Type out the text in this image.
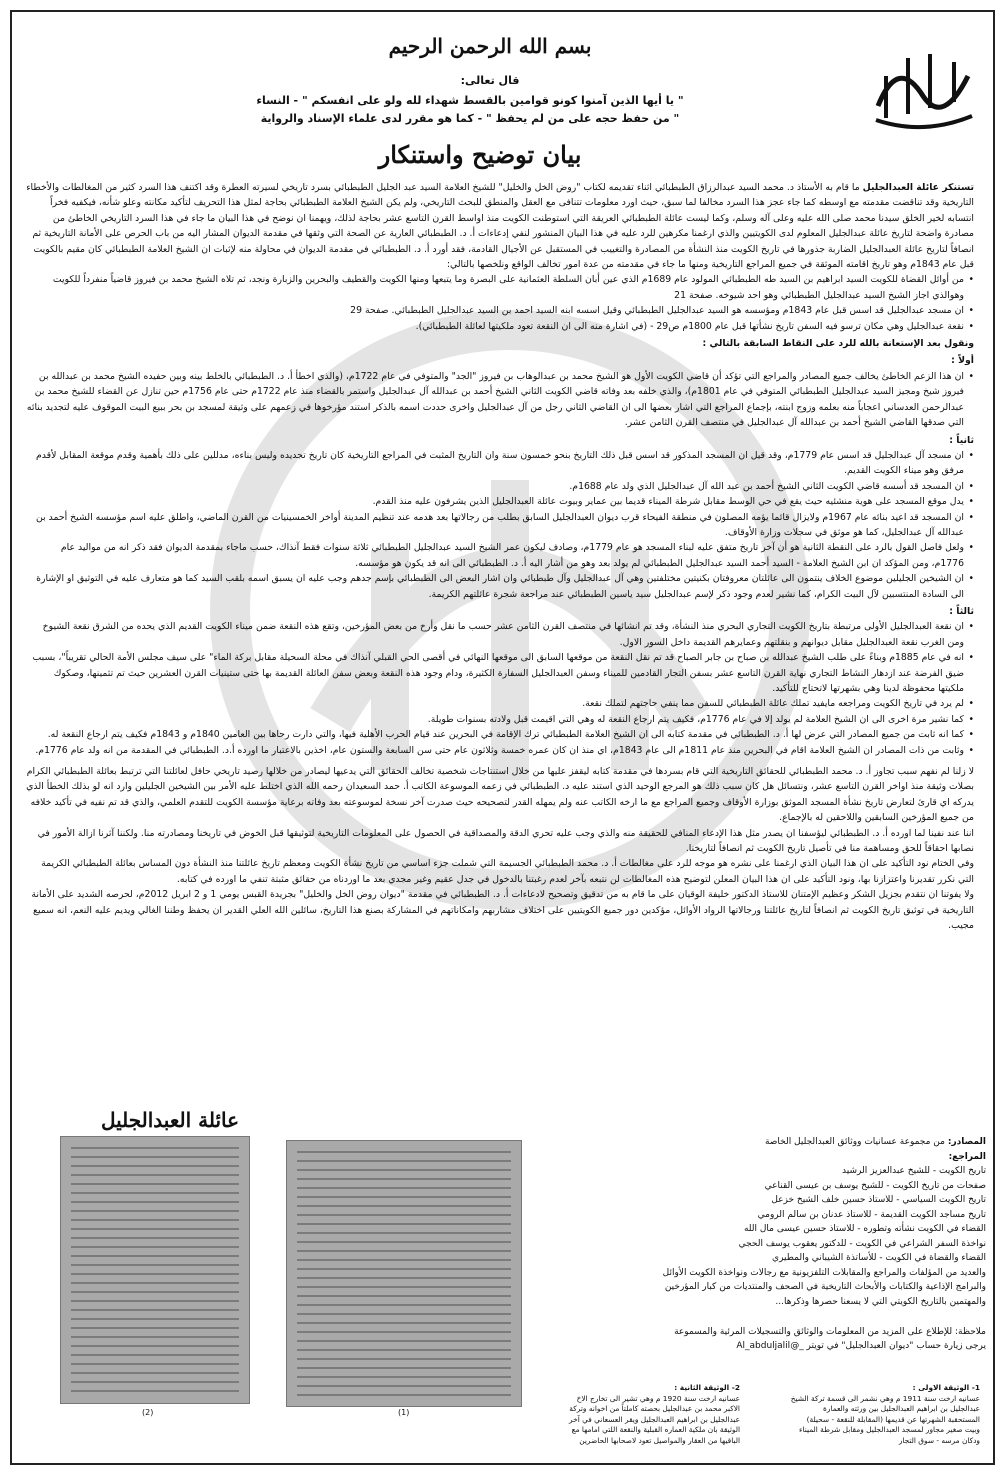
بسم الله الرحمن الرحيم
قال تعالى:
" يا أيها الذين آمنوا كونو قوامين بالقسط شهداء لله ولو على انفسكم " - النساء
" من حفظ حجه على من لم يحفظ " - كما هو مقرر لدى علماء الإسناد والرواية
بيان توضيح واستنكار

تستنكر عائلة العبدالجليل ما قام به الأستاذ د. محمد السيد عبدالرزاق الطبطبائي اثناء تقديمه لكتاب "روض الخل والخليل" للشيخ العلامة السيد عبد الجليل الطبطبائي بسرد تاريخي لسيرته العطرة وقد اكتنف هذا السرد كثير من المغالطات والأخطاء التاريخية وقد تناقضت مقدمته مع اوسطه كما جاء عجز هذا السرد مخالفا لما سبق، حيث اورد معلومات تتنافى مع العقل والمنطق للبحث التاريخي، ولم يكن الشيخ العلامة الطبطبائي بحاجة لمثل هذا التحريف لتأكيد مكانته وعلو شأنه، فيكفيه فخراً انتسابه لخير الخلق سيدنا محمد صلى الله عليه وعلى آله وسلم، وكما ليست عائلة الطبطبائي العريقة التي استوطنت الكويت منذ اواسط القرن التاسع عشر بحاجة لذلك، ويهمنا ان نوضح في هذا البيان ما جاء في هذا السرد التاريخي الخاطئ من مصادرة واضحة لتاريخ عائلة عبدالجليل المعلوم لدى الكويتيين والذي ارغمنا مكرهين للرد عليه في هذا البيان المنشور لنفي إدعاءات أ. د. الطبطبائي العارية عن الصحة التي وثقها في مقدمة الديوان المشار اليه من باب الحرص على الأمانة التاريخية ثم انصافاً لتاريخ عائلة العبدالجليل الضاربة جذورها في تاريخ الكويت منذ النشأة من المصادرة والتغييب في المستقبل عن الأجيال القادمة، فقد أورد أ. د. الطبطبائي في مقدمة الديوان في محاولة منه لإثبات ان الشيخ العلامة الطبطبائي كان مقيم بالكويت قبل عام 1843م وهو تاريخ اقامته الموثقة في جميع المراجع التاريخية ومنها ما جاء في مقدمته من عدة امور تخالف الواقع ونلخصها بالتالي:

• من أوائل القضاة للكويت السيد ابراهيم بن السيد طه الطبطبائي المولود عام 1689م الذي عين أبان السلطة العثمانية على البصرة وما يتبعها ومنها الكويت والقطيف والبحرين والزبارة ونجد، ثم تلاه الشيخ محمد بن فيروز قاضياً منفرداً للكويت وهوالذي اجاز الشيخ السيد عبدالجليل الطبطبائي وهو احد شيوخه. صفحة 21

• ان مسجد عبدالجليل قد اسس قبل عام 1843م ومؤسسه هو السيد عبدالجليل الطبطبائي وقيل اسسه ابنه السيد احمد بن السيد عبدالجليل الطبطبائي. صفحة 29

• نقعة عبدالجليل وهي مكان ترسو فيه السفن تاريخ نشأتها قبل عام 1800م ص29 - (في اشارة منه الى ان النقعة تعود ملكيتها لعائلة الطبطبائي).

ونقول بعد الإستعانة بالله للرد على النقاط السابقة بالتالي :

أولاً :

• ان هذا الزعم الخاطئ يخالف جميع المصادر والمراجع التي تؤكد أن قاضي الكويت الأول هو الشيخ محمد بن عبدالوهاب بن فيروز "الجد" والمتوفي في عام 1722م، (والذي اخطأ أ. د. الطبطبائي بالخلط بينه وبين حفيده الشيخ محمد بن عبدالله بن فيروز شيخ ومجيز السيد عبدالجليل الطبطبائي المتوفي في عام 1801م)، والذي خلفه بعد وفاته قاضي الكويت الثاني الشيخ أحمد بن عبدالله آل عبدالجليل واستمر بالقضاء منذ عام 1722م حتى عام 1756م حين تنازل عن القضاء للشيخ محمد بن عبدالرحمن العدساني اعجاباً منه بعلمه وزوج ابنته، بإجماع المراجع التي اشار بعضها الى ان القاضي الثاني رجل من آل عبدالجليل واخرى حددت اسمه بالذكر استند مؤرخوها في زعمهم على وثيقة لمسجد بن بحر ببيع البيت الموقوف عليه لتجديد بنائه التي صدقها القاضي الشيخ أحمد بن عبدالله آل عبدالجليل في منتصف القرن الثامن عشر.

ثانياً :

• ان مسجد آل عبدالجليل قد اسس عام 1779م، وقد قيل ان المسجد المذكور قد اسس قبل ذلك التاريخ بنحو خمسون سنة وان التاريخ المثبت في المراجع التاريخية كان تاريخ تجديده وليس بناءه، مدللين على ذلك بأهمية وقدم موقعة المقابل لأقدم مرفق وهو ميناء الكويت القديم.

• ان المسجد قد أسسه قاضي الكويت الثاني الشيخ أحمد بن عبد الله آل عبدالجليل الذي ولد عام 1688م.

• يدل موقع المسجد على هوية منشئيه حيث يقع في حي الوسط مقابل شرطة الميناء قديما بين عماير وبيوت عائلة العبدالجليل الذين يشرفون عليه منذ القدم.

• ان المسجد قد اعيد بنائه عام 1967م ولايزال قائما يؤمه المصلون في منطقة الفيحاء قرب ديوان العبدالجليل السابق بطلب من رجالاتها بعد هدمه عند تنظيم المدينة أواخر الخمسينيات من القرن الماضي، واطلق عليه اسم مؤسسه الشيخ أحمد بن عبدالله آل عبدالجليل، كما هو موثق في سجلات وزارة الأوقاف.

• ولعل فاصل القول بالرد على النقطة الثانية هو أن آخر تاريخ متفق عليه لبناء المسجد هو عام 1779م، وصادف ليكون عمر الشيخ السيد عبدالجليل الطبطبائي ثلاثة سنوات فقط آنذاك، حسب ماجاء بمقدمة الديوان فقد ذكر انه من مواليد عام 1776م، ومن المؤكد ان ابن الشيخ العلامة - السيد أحمد السيد عبدالجليل الطبطبائي لم يولد بعد وهو من أشار اليه أ. د. الطبطبائي الى انه قد يكون هو مؤسسه.

• ان الشيخين الجليلين موضوع الخلاف ينتمون الى عائلتان معروفتان بكنيتين مختلفتين وهي آل عبدالجليل وآل طبطبائي وان اشار البعض الى الطبطبائي بإسم جدهم وجب عليه ان يسبق اسمه بلقب السيد كما هو متعارف عليه في التوثيق او الإشارة الى السادة المنتسبين لآل البيت الكرام، كما نشير لعدم وجود ذكر لإسم عبدالجليل سيد ياسين الطبطبائي عند مراجعة شجرة عائلتهم الكريمة.

ثالثاً :

• ان نقعة العبدالجليل الأولى مرتبطة بتاريخ الكويت التجاري البحري منذ النشأة، وقد تم انشائها في منتصف القرن الثامن عشر حسب ما نقل وأرخ من بعض المؤرخين، وتقع هذه النقعة ضمن ميناء الكويت القديم الذي يحده من الشرق نقعة الشيوخ ومن الغرب نقعة العبدالجليل مقابل ديوانهم و بنقلتهم وعمايرهم القديمة داخل السور الاول.

• انه في عام 1885م وبناءً على طلب الشيخ عبدالله بن صباح بن جابر الصباح قد تم نقل النقعة من موقعها السابق الى موقعها النهائي في أقصى الحي القبلي آنذاك في محلة السحيلة مقابل بركة الماء" على سيف مجلس الأمة الحالي تقريباً"، بسبب ضيق الفرضة عند ازدهار النشاط التجاري نهاية القرن التاسع عشر بسفن التجار القادمين للميناء وسفن العبدالجليل السفارة الكثيرة، ودام وجود هذه النقعة وبعض سفن العائلة القديمة بها حتى ستينيات القرن العشرين حيث تم تثمينها، وصكوك ملكيتها محفوظة لدينا وهي بشهرتها لاتحتاج للتأكيد.

• لم يرد في تاريخ الكويت ومراجعه مايفيد تملك عائلة الطبطبائي للسفن مما ينفي حاجتهم لتملك نقعة.

• كما نشير مرة اخرى الى ان الشيخ العلامة لم يولد إلا في عام 1776م، فكيف يتم ارجاع النقعة له وهي التي اقيمت قبل ولادته بسنوات طويلة.

• كما انه ثابت من جميع المصادر التي عرض لها أ. د. الطبطبائي في مقدمة كتابه الى ان الشيخ العلامة الطبطبائي ترك الإقامة في البحرين عند قيام الحرب الأهلية فيها، والتي دارت رحاها بين العامين 1840م و 1843م فكيف يتم ارجاع النقعة له.

• وثابت من ذات المصادر ان الشيخ العلامة اقام في البحرين منذ عام 1811م الى عام 1843م، اي منذ ان كان عمره خمسة وثلاثون عام حتى سن السابعة والستون عام، اخذين بالاعتبار ما اورده أ.د. الطبطبائي في المقدمة من انه ولد عام 1776م.

لا زلنا لم نفهم سبب تجاوز أ. د. محمد الطبطبائي للحقائق التاريخية التي قام بسردها في مقدمة كتابه ليقفز عليها من خلال استنتاجات شخصية تخالف الحقائق التي يدعيها ليصادر من خلالها رصيد تاريخي حافل لعائلتنا التي ترتبط بعائلة الطبطبائي الكرام بصلات وثيقة منذ اواخر القرن التاسع عشر، ونتسائل هل كان سبب ذلك هو المرجع الوحيد الذي استند عليه د. الطبطبائي في زعمه الموسوعة الكاتب أ. حمد السعيدان رحمه الله الذي اختلط عليه الأمر بين الشيخين الجليلين وارد انه لو بذلك الخطأ الذي يدركه اي قارئ لتعارض تاريخ نشأة المسجد الموثق بوزارة الأوقاف وجميع المراجع مع ما ارخه الكاتب عنه ولم يمهله القدر لتصحيحه حيث صدرت آخر نسخة لموسوعته بعد وفاته برعاية مؤسسة الكويت للتقدم العلمي، والذي قد تم نفيه في تأكيد خلافه من جميع المؤرخين السابقين واللاحقين له بالإجماع.

اننا عند نفينا لما اورده أ. د. الطبطبائي ليؤسفنا ان يصدر مثل هذا الإدعاء المنافي للحقيقة منه والذي وجب عليه تحري الدقة والمصداقية في الحصول على المعلومات التاريخية لتوثيقها قبل الخوض في تاريخنا ومصادرته منا. ولكننا آثرنا ازالة الأمور في نصابها احقاقاً للحق ومساهمة منا في تأصيل تاريخ الكويت ثم انصافاً لتاريخنا.

وفي الختام نود التأكيد على ان هذا البيان الذي ارغمنا على نشره هو موجه للرد على مغالطات أ. د. محمد الطبطبائي الجسيمة التي شملت جزء اساسي من تاريخ نشأة الكويت ومعظم تاريخ عائلتنا منذ النشأة دون المساس بعائلة الطبطبائي الكريمة التي نكرر تقديرنا واعتزازنا بها، ونود التأكيد على ان هذا البيان المعلن لتوضيح هذه المغالطات لن نتبعه بآخر لعدم رغبتنا بالدخول في جدل عقيم وغير مجدي بعد ما اوردناه من حقائق مثبتة تنفي ما اورده في كتابه.

ولا يفوتنا ان نتقدم بجزيل الشكر وعظيم الإمتنان للاستاذ الدكتور خليفة الوقيان على ما قام به من تدقيق وتصحيح لادعاءات أ. د. الطبطبائي في مقدمة "ديوان روض الخل والخليل" بجريدة القبس يومي 1 و 2 ابريل 2012م، لحرصه الشديد على الأمانة التاريخية في توثيق تاريخ الكويت ثم انصافاً لتاريخ عائلتنا ورجالاتها الرواد الأوائل، مؤكدين دور جميع الكويتيين على اختلاف مشاربهم وامكاناتهم في المشاركة بصنع هذا التاريخ، سائلين الله العلي القدير ان يحفظ وطننا الغالي ويديم عليه النعم، انه سميع مجيب.

عائلة العبدالجليل
(1)
(2)
المصادر: من مجموعة عسانيات ووثائق العبدالجليل الخاصة
المراجع:
تاريخ الكويت - للشيخ عبدالعزيز الرشيد
صفحات من تاريخ الكويت - للشيخ يوسف بن عيسى القناعي
تاريخ الكويت السياسي - للاستاذ حسين خلف الشيخ خزعل
تاريخ مساجد الكويت القديمة - للاستاذ عدنان بن سالم الرومي
القضاء في الكويت نشأته وتطوره - للاستاذ حسين عيسى مال الله
نواخذة السفر الشراعي في الكويت - للدكتور يعقوب يوسف الحجي
القضاء والقضاة في الكويت - للأساتذة الشيباني والمطيري
والعديد من المؤلفات والمراجع والمقابلات التلفزيونية مع رجالات ونواخذة الكويت الأوائل والبرامج الإذاعية والكتابات والأبحاث التاريخية في الصحف والمنتديات من كبار المؤرخين والمهتمين بالتاريخ الكويتي التي لا يسعنا حصرها وذكرها...
ملاحظة: للإطلاع على المزيد من المعلومات والوثائق والتسجيلات المرئية والمسموعة
يرجى زيارة حساب "ديوان العبدالجليل" في تويتر _@Al_abduljalil
1- الوثيقة الاولى :
عسانيه ارخت سنة 1911 م وهي نشمر الى قسمة تركة الشيخ عبدالجليل بن ابراهيم العبدالجليل بين ورثته والعمارة المستحقبة الشهرتها عن قديمها (المقابلة للنقعة - سحيلة) وبيت صغير مجاور لمسجد العبدالجليل ومقابل شرطة الميناء ودكان مرسه - سوق التجار
2- الوثيقة الثانية :
عسانيه ارخت سنة 1920 م وهي تشير الى تخارج الاخ الاكبر محمد بن عبدالجليل بحصته كاملتاً من اخوانه وتركة عبدالجليل بن ابراهيم العبدالجليل ويقر العسعاني في آخر الوثيقة بان ملكية العماره القبلية والنقعة اللتي امامها مع الباقيها من العقار والمواصيل تعود لاصحابها الحاضرين
